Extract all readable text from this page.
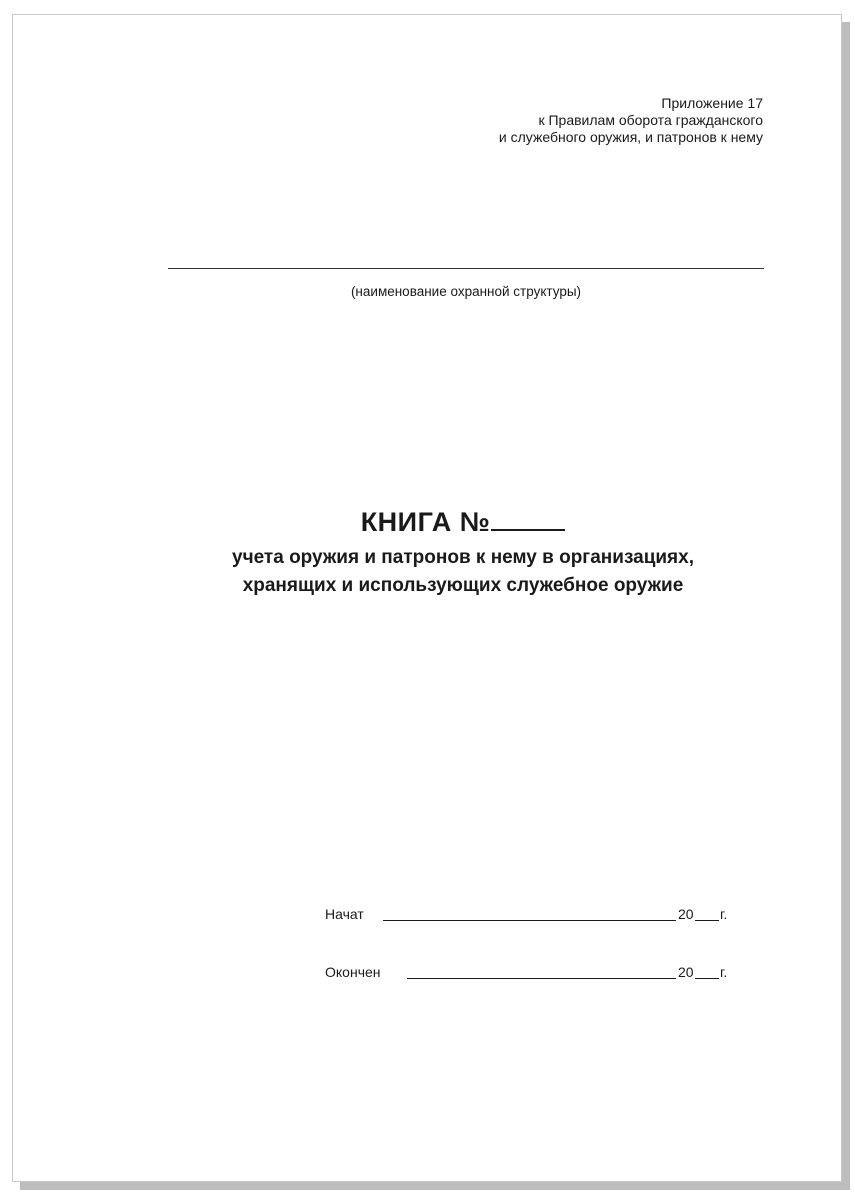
Приложение 17
к Правилам оборота гражданского
и служебного оружия, и патронов к нему
(наименование охранной структуры)
КНИГА №
учета оружия и патронов к нему в организациях,
хранящих и использующих служебное оружие
Начат	20 г.
Окончен	20 г.
